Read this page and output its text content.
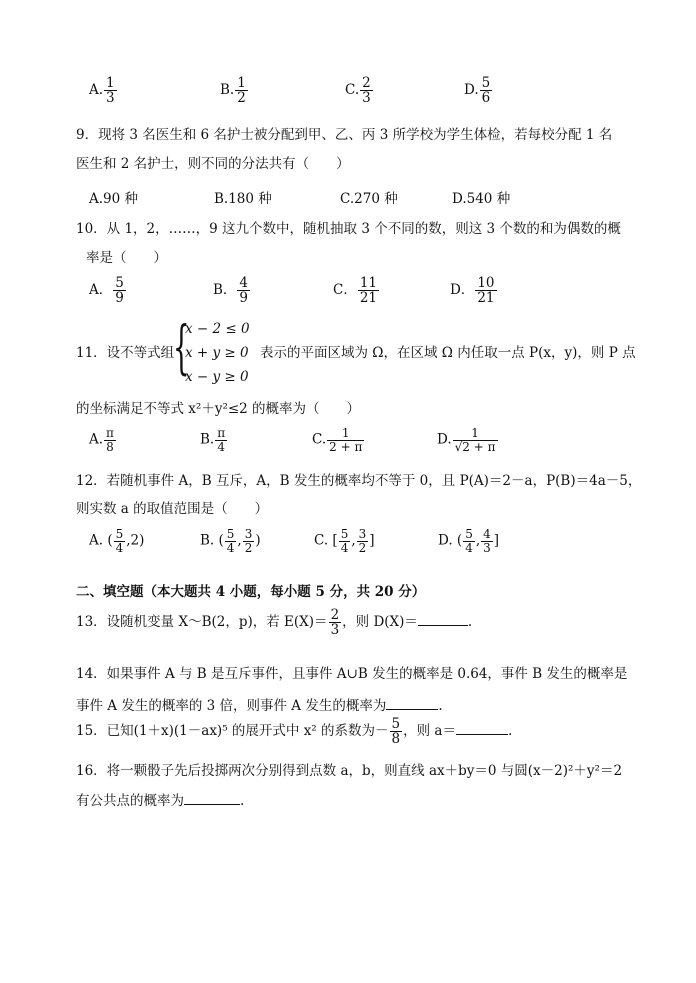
A. $\frac{1}{3}$	B. $\frac{1}{2}$	C. $\frac{2}{3}$	D. $\frac{5}{6}$
9．现将 3 名医生和 6 名护士被分配到甲、乙、丙 3 所学校为学生体检，若每校分配 1 名
医生和 2 名护士，则不同的分法共有（　　）
A.90 种	B.180 种	C.270 种	D.540 种
10．从 1，2，……，9 这九个数中，随机抽取 3 个不同的数，则这 3 个数的和为偶数的概
率是（　　）
A． $\frac{5}{9}$	B． $\frac{4}{9}$	C． $\frac{11}{21}$	D． $\frac{10}{21}$
11．设不等式组
{
x − 2 ≤ 0
x + y ≥ 0
x − y ≥ 0
表示的平面区域为 Ω，在区域 Ω 内任取一点 P(x，y)，则 P 点
的坐标满足不等式 x²＋y²≤2 的概率为（　　）
A. $\frac{\pi}{8}$	B. $\frac{\pi}{4}$	C. $\frac{1}{2 + \pi}$	D. $\frac{1}{√2 + \pi}$
12．若随机事件 A，B 互斥，A，B 发生的概率均不等于 0，且 P(A)＝2－a，P(B)＝4a－5，
则实数 a 的取值范围是（　　）
A. ( $\frac{5}{4} ,2$)	B. ( $\frac{5}{4}$ , $\frac{3}{2}$ )	C. [ $\frac{5}{4}$ , $\frac{3}{2}$ ]	D. ( $\frac{5}{4}$ , $\frac{4}{3}$ ]
二、填空题（本大题共 4 小题，每小题 5 分，共 20 分）
13．设随机变量 X～B(2，p)，若 $E(X)= \frac{2}{3}$ ，则 D(X)＝	.
14．如果事件 A 与 B 是互斥事件，且事件 A∪B 发生的概率是 0.64，事件 B 发生的概率是
事件 A 发生的概率的 3 倍，则事件 A 发生的概率为	.
15．已知(1＋x)(1－ax)⁵ 的展开式中 x² 的系数为－ $\frac{5}{8}$ ，则 a＝	.
16．将一颗骰子先后投掷两次分别得到点数 a，b，则直线 ax＋by＝0 与圆(x－2)²＋y²＝2
有公共点的概率为	.
